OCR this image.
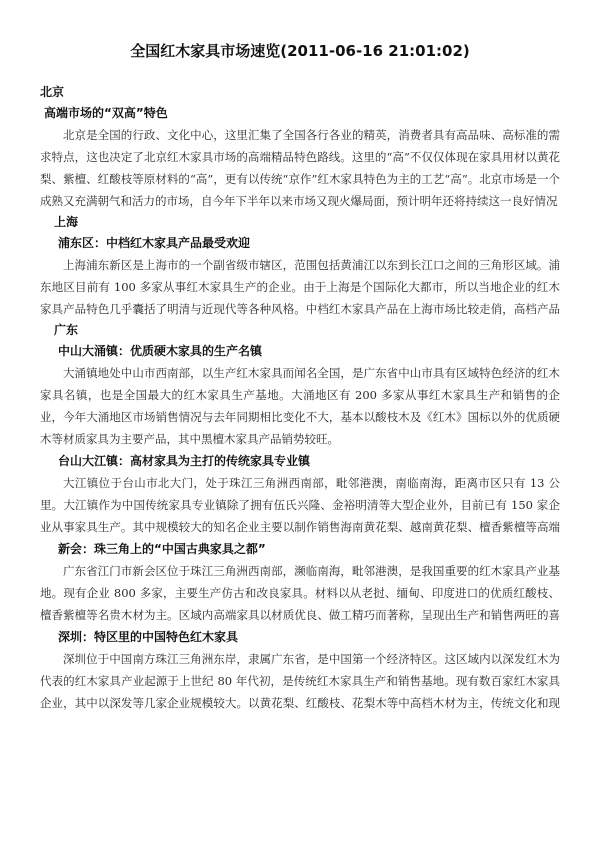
全国红木家具市场速览(2011-06-16 21:01:02)
北京
高端市场的“双高”特色
北京是全国的行政、文化中心，这里汇集了全国各行各业的精英，消费者具有高品味、高标准的需求特点，这也决定了北京红木家具市场的高端精品特色路线。这里的“高”不仅仅体现在家具用材以黄花梨、紫檀、红酸枝等原材料的“高”，更有以传统“京作”红木家具特色为主的工艺“高”。北京市场是一个成熟又充满朝气和活力的市场，自今年下半年以来市场又现火爆局面，预计明年还将持续这一良好情况
上海
浦东区：中档红木家具产品最受欢迎
上海浦东新区是上海市的一个副省级市辖区，范围包括黄浦江以东到长江口之间的三角形区域。浦东地区目前有 100 多家从事红木家具生产的企业。由于上海是个国际化大都市，所以当地企业的红木家具产品特色几乎囊括了明清与近现代等各种风格。中档红木家具产品在上海市场比较走俏，高档产品
广东
中山大涌镇：优质硬木家具的生产名镇
大涌镇地处中山市西南部，以生产红木家具而闻名全国，是广东省中山市具有区域特色经济的红木家具名镇，也是全国最大的红木家具生产基地。大涌地区有 200 多家从事红木家具生产和销售的企业，今年大涌地区市场销售情况与去年同期相比变化不大，基本以酸枝木及《红木》国标以外的优质硬木等材质家具为主要产品，其中黑檀木家具产品销势较旺。
台山大江镇：高材家具为主打的传统家具专业镇
大江镇位于台山市北大门，处于珠江三角洲西南部，毗邻港澳，南临南海，距离市区只有 13 公里。大江镇作为中国传统家具专业镇除了拥有伍氏兴隆、金裕明清等大型企业外，目前已有 150 家企业从事家具生产。其中规模较大的知名企业主要以制作销售海南黄花梨、越南黄花梨、檀香紫檀等高端
新会：珠三角上的“中国古典家具之都”
广东省江门市新会区位于珠江三角洲西南部，濒临南海，毗邻港澳，是我国重要的红木家具产业基地。现有企业 800 多家，主要生产仿古和改良家具。材料以从老挝、缅甸、印度进口的优质红酸枝、檀香紫檀等名贵木材为主。区域内高端家具以材质优良、做工精巧而著称，呈现出生产和销售两旺的喜
深圳：特区里的中国特色红木家具
深圳位于中国南方珠江三角洲东岸，隶属广东省，是中国第一个经济特区。这区域内以深发红木为代表的红木家具产业起源于上世纪 80 年代初，是传统红木家具生产和销售基地。现有数百家红木家具企业，其中以深发等几家企业规模较大。以黄花梨、红酸枝、花梨木等中高档木材为主，传统文化和现
